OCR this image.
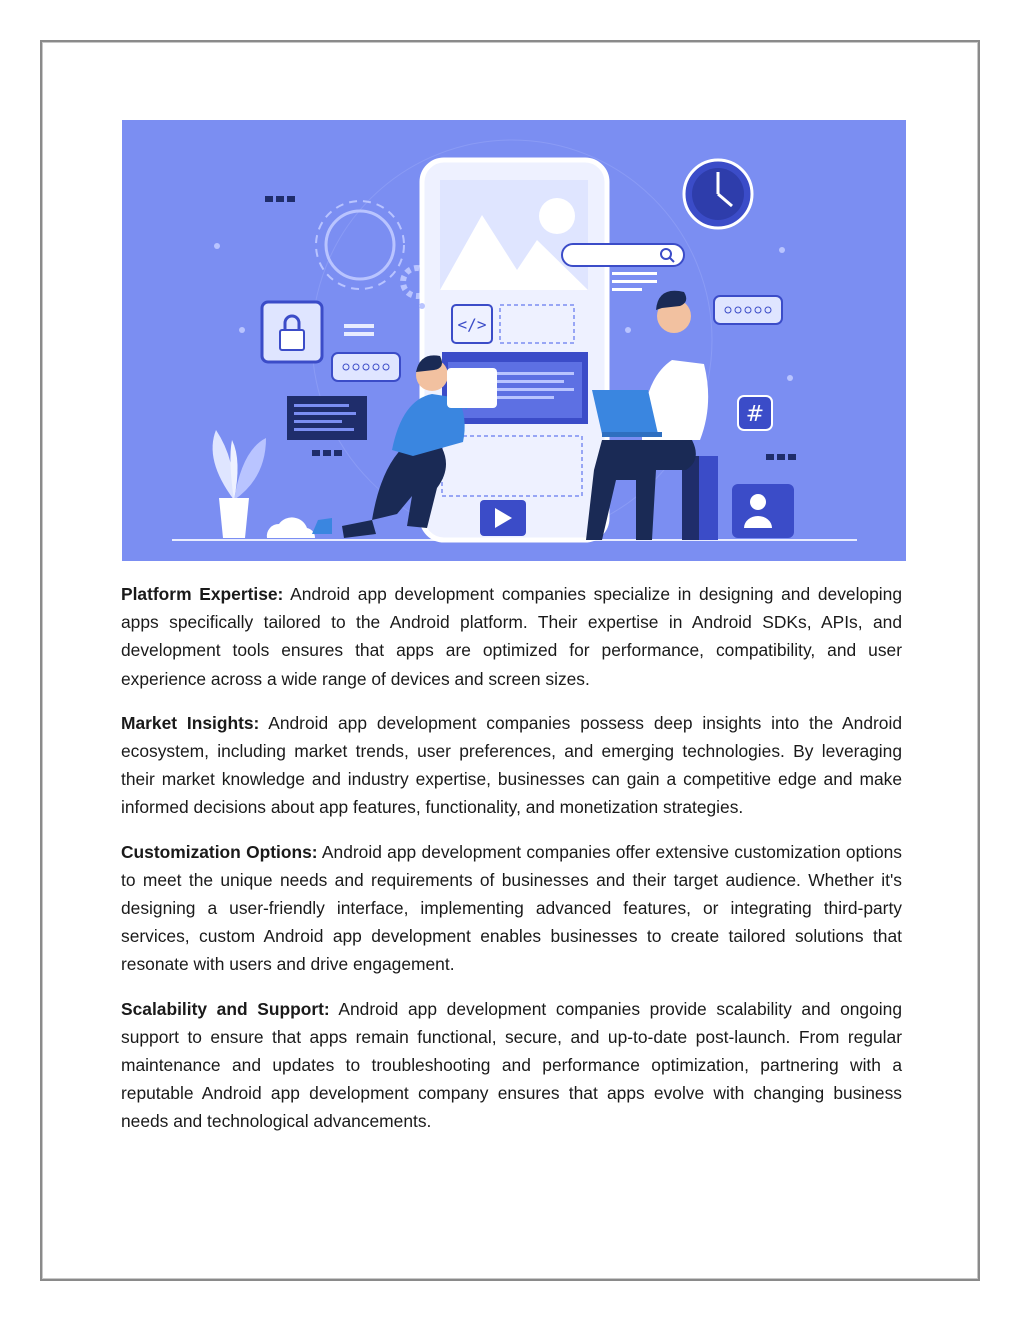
</>
#

Platform Expertise: Android app development companies specialize in designing and developing apps specifically tailored to the Android platform. Their expertise in Android SDKs, APIs, and development tools ensures that apps are optimized for performance, compatibility, and user experience across a wide range of devices and screen sizes.

Market Insights: Android app development companies possess deep insights into the Android ecosystem, including market trends, user preferences, and emerging technologies. By leveraging their market knowledge and industry expertise, businesses can gain a competitive edge and make informed decisions about app features, functionality, and monetization strategies.

Customization Options: Android app development companies offer extensive customization options to meet the unique needs and requirements of businesses and their target audience. Whether it's designing a user-friendly interface, implementing advanced features, or integrating third-party services, custom Android app development enables businesses to create tailored solutions that resonate with users and drive engagement.

Scalability and Support: Android app development companies provide scalability and ongoing support to ensure that apps remain functional, secure, and up-to-date post-launch. From regular maintenance and updates to troubleshooting and performance optimization, partnering with a reputable Android app development company ensures that apps evolve with changing business needs and technological advancements.
